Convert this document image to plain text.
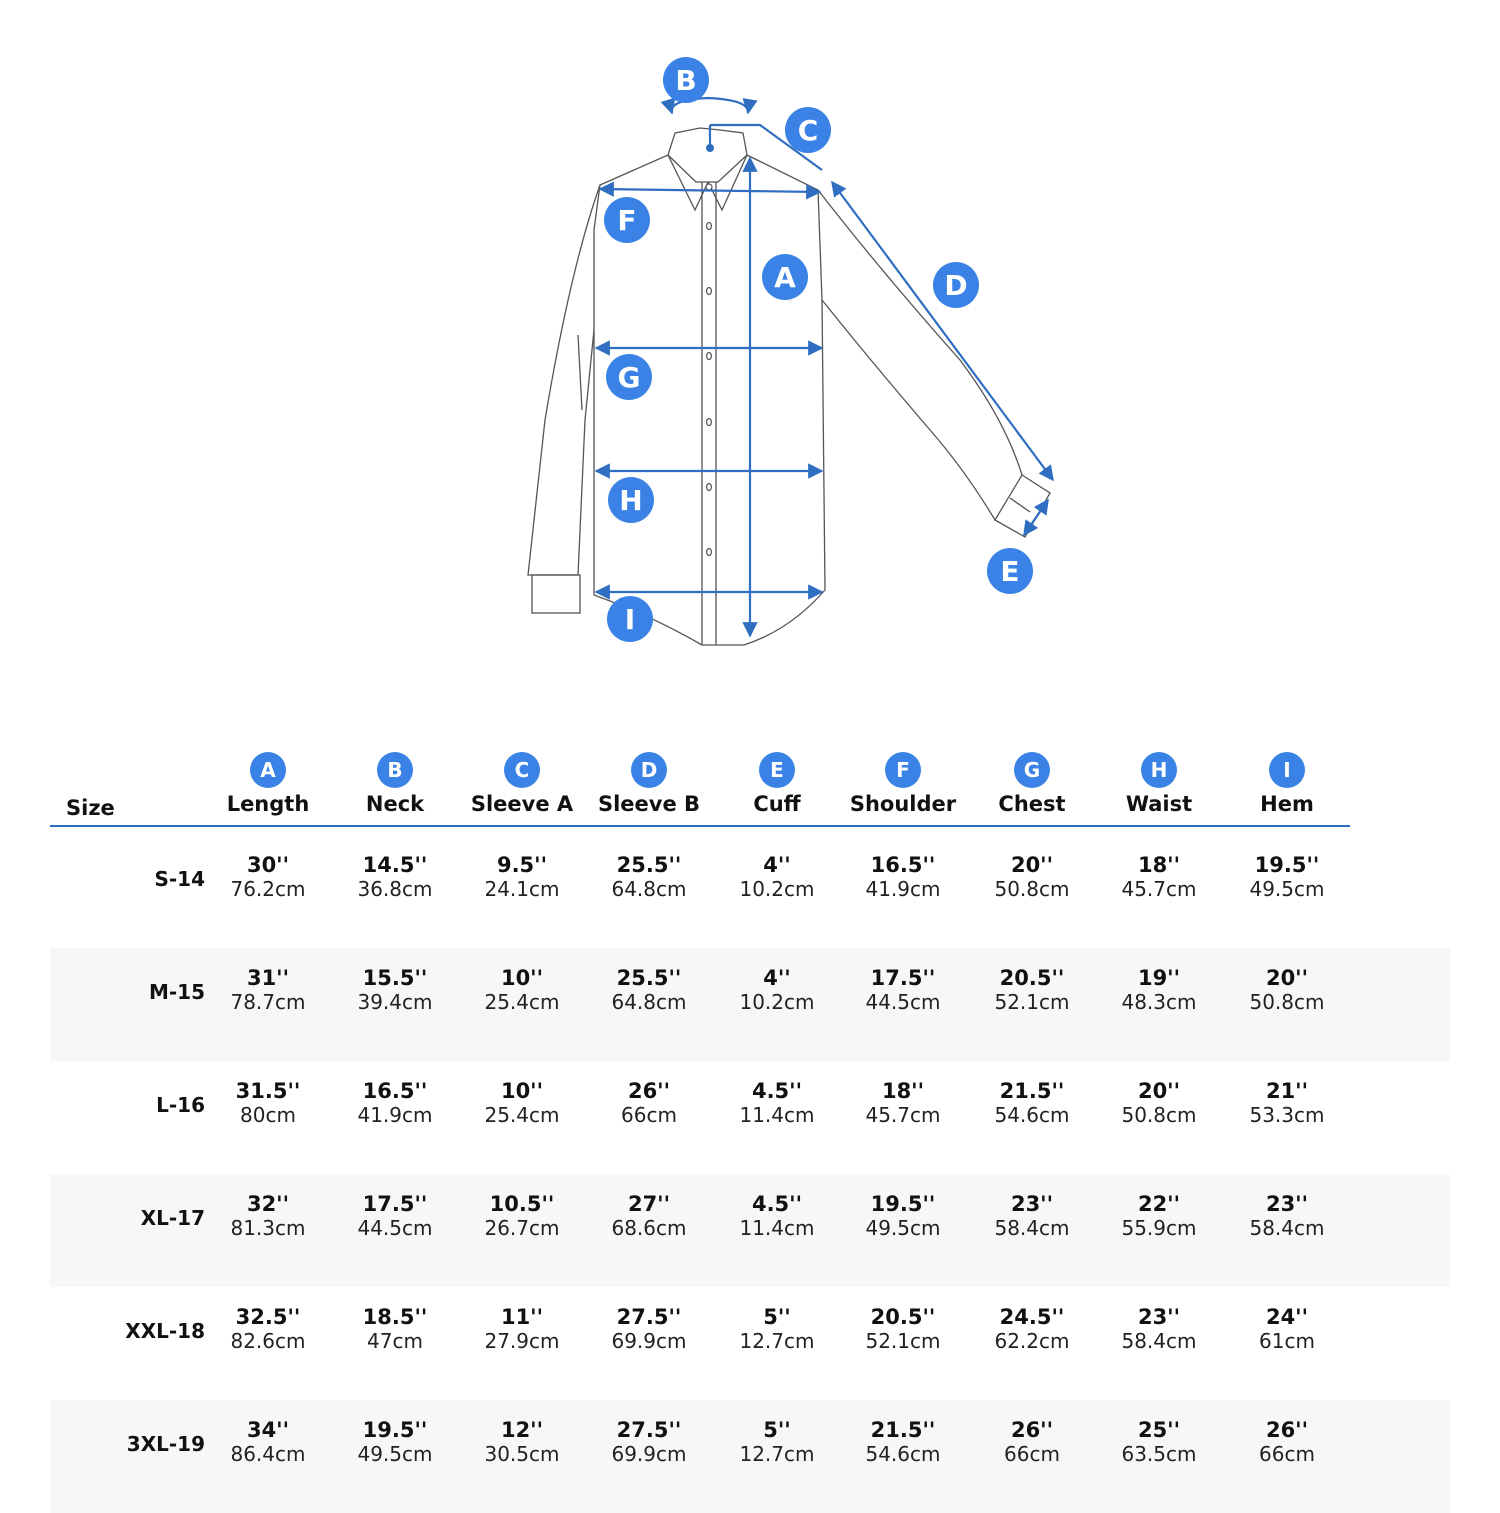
A
B
C
D
E
F
G
H
I
Size
A
Length
B
Neck
C
Sleeve A
D
Sleeve B
E
Cuff
F
Shoulder
G
Chest
H
Waist
I
Hem
S-14
30''
76.2cm
14.5''
36.8cm
9.5''
24.1cm
25.5''
64.8cm
4''
10.2cm
16.5''
41.9cm
20''
50.8cm
18''
45.7cm
19.5''
49.5cm
M-15
31''
78.7cm
15.5''
39.4cm
10''
25.4cm
25.5''
64.8cm
4''
10.2cm
17.5''
44.5cm
20.5''
52.1cm
19''
48.3cm
20''
50.8cm
L-16
31.5''
80cm
16.5''
41.9cm
10''
25.4cm
26''
66cm
4.5''
11.4cm
18''
45.7cm
21.5''
54.6cm
20''
50.8cm
21''
53.3cm
XL-17
32''
81.3cm
17.5''
44.5cm
10.5''
26.7cm
27''
68.6cm
4.5''
11.4cm
19.5''
49.5cm
23''
58.4cm
22''
55.9cm
23''
58.4cm
XXL-18
32.5''
82.6cm
18.5''
47cm
11''
27.9cm
27.5''
69.9cm
5''
12.7cm
20.5''
52.1cm
24.5''
62.2cm
23''
58.4cm
24''
61cm
3XL-19
34''
86.4cm
19.5''
49.5cm
12''
30.5cm
27.5''
69.9cm
5''
12.7cm
21.5''
54.6cm
26''
66cm
25''
63.5cm
26''
66cm
